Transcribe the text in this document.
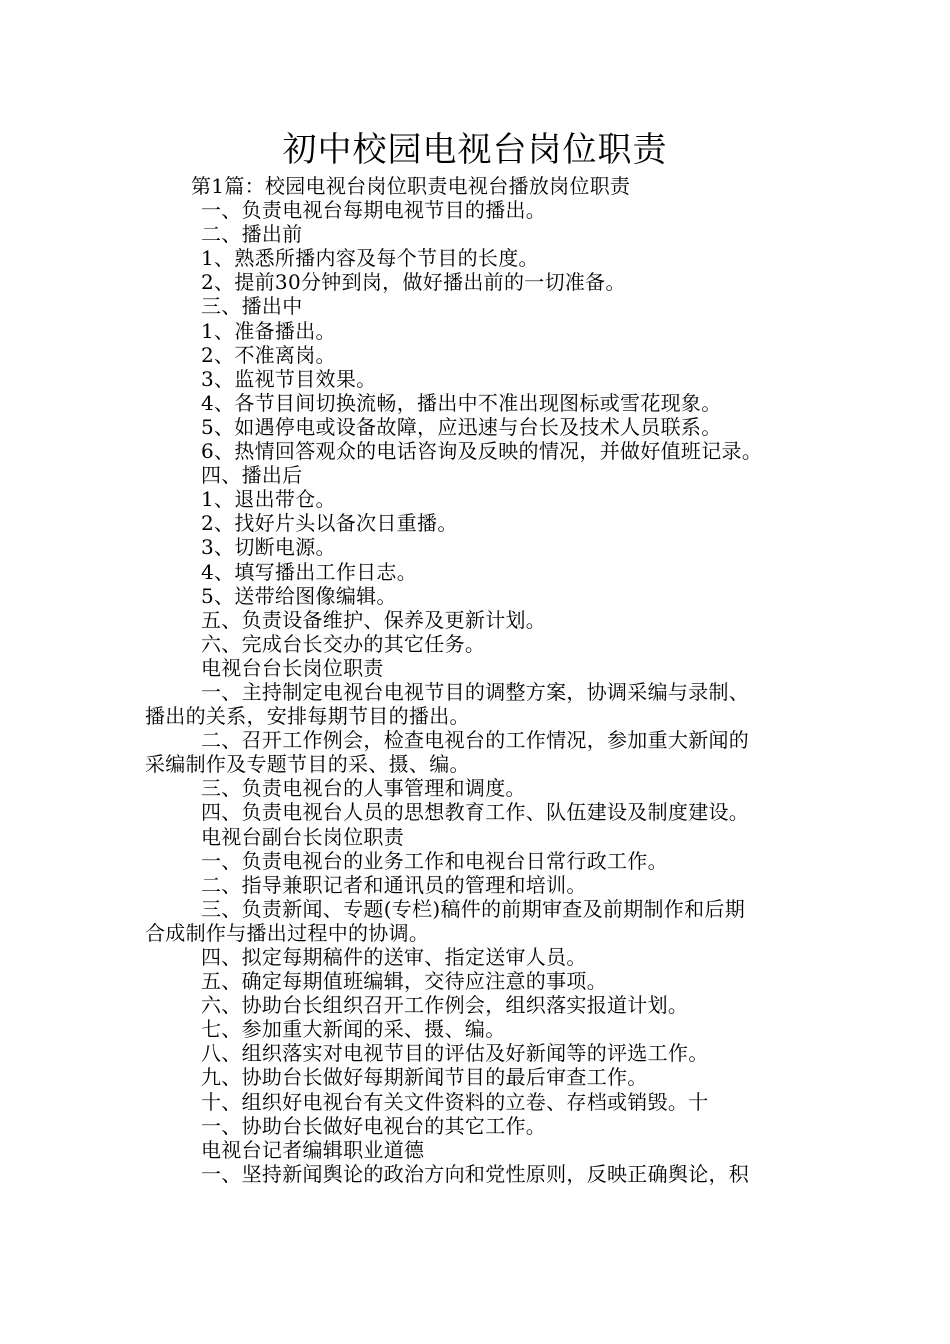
初中校园电视台岗位职责
第1篇：校园电视台岗位职责电视台播放岗位职责
一、负责电视台每期电视节目的播出。
二、播出前
1、熟悉所播内容及每个节目的长度。
2、提前30分钟到岗，做好播出前的一切准备。
三、播出中
1、准备播出。
2、不准离岗。
3、监视节目效果。
4、各节目间切换流畅，播出中不准出现图标或雪花现象。
5、如遇停电或设备故障，应迅速与台长及技术人员联系。
6、热情回答观众的电话咨询及反映的情况，并做好值班记录。
四、播出后
1、退出带仓。
2、找好片头以备次日重播。
3、切断电源。
4、填写播出工作日志。
5、送带给图像编辑。
五、负责设备维护、保养及更新计划。
六、完成台长交办的其它任务。
电视台台长岗位职责
一、主持制定电视台电视节目的调整方案，协调采编与录制、
播出的关系，安排每期节目的播出。
二、召开工作例会，检查电视台的工作情况，参加重大新闻的
采编制作及专题节目的采、摄、编。
三、负责电视台的人事管理和调度。
四、负责电视台人员的思想教育工作、队伍建设及制度建设。
电视台副台长岗位职责
一、负责电视台的业务工作和电视台日常行政工作。
二、指导兼职记者和通讯员的管理和培训。
三、负责新闻、专题(专栏)稿件的前期审查及前期制作和后期
合成制作与播出过程中的协调。
四、拟定每期稿件的送审、指定送审人员。
五、确定每期值班编辑，交待应注意的事项。
六、协助台长组织召开工作例会，组织落实报道计划。
七、参加重大新闻的采、摄、编。
八、组织落实对电视节目的评估及好新闻等的评选工作。
九、协助台长做好每期新闻节目的最后审查工作。
十、组织好电视台有关文件资料的立卷、存档或销毁。十
一、协助台长做好电视台的其它工作。
电视台记者编辑职业道德
一、坚持新闻舆论的政治方向和党性原则，反映正确舆论，积
